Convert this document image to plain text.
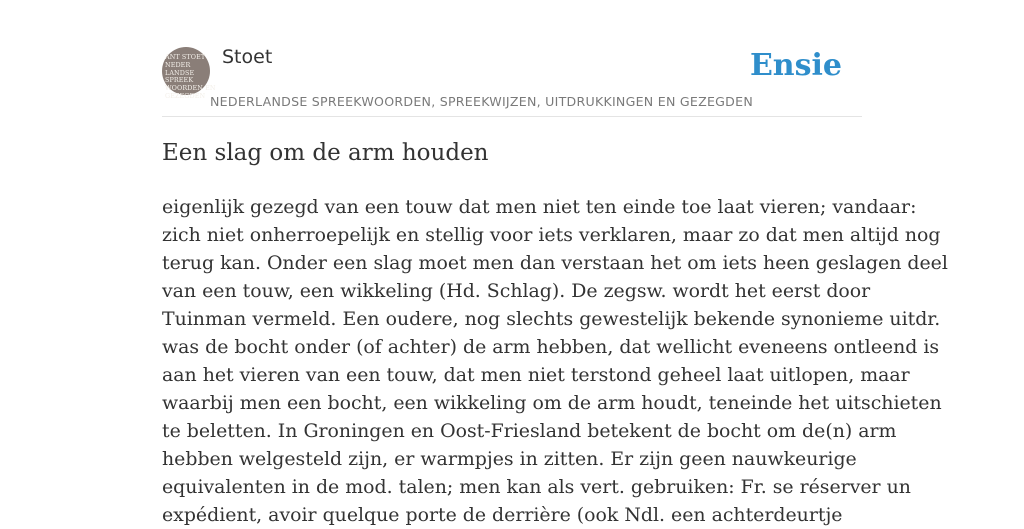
ANT STOET
NEDER
LANDSE
SPREEK
WOORDEN EN
GEZEGDEN
Stoet
NEDERLANDSE SPREEKWOORDEN, SPREEKWIJZEN, UITDRUKKINGEN EN GEZEGDEN
Ensie
Een slag om de arm houden

eigenlijk gezegd van een touw dat men niet ten einde toe laat vieren; vandaar:
zich niet onherroepelijk en stellig voor iets verklaren, maar zo dat men altijd nog
terug kan. Onder een slag moet men dan verstaan het om iets heen geslagen deel
van een touw, een wikkeling (Hd. Schlag). De zegsw. wordt het eerst door
Tuinman vermeld. Een oudere, nog slechts gewestelijk bekende synonieme uitdr.
was de bocht onder (of achter) de arm hebben, dat wellicht eveneens ontleend is
aan het vieren van een touw, dat men niet terstond geheel laat uitlopen, maar
waarbij men een bocht, een wikkeling om de arm houdt, teneinde het uitschieten
te beletten. In Groningen en Oost-Friesland betekent de bocht om de(n) arm
hebben welgesteld zijn, er warmpjes in zitten. Er zijn geen nauwkeurige
equivalenten in de mod. talen; men kan als vert. gebruiken: Fr. se réserver un
expédient, avoir quelque porte de derrière (ook Ndl. een achterdeurtje
